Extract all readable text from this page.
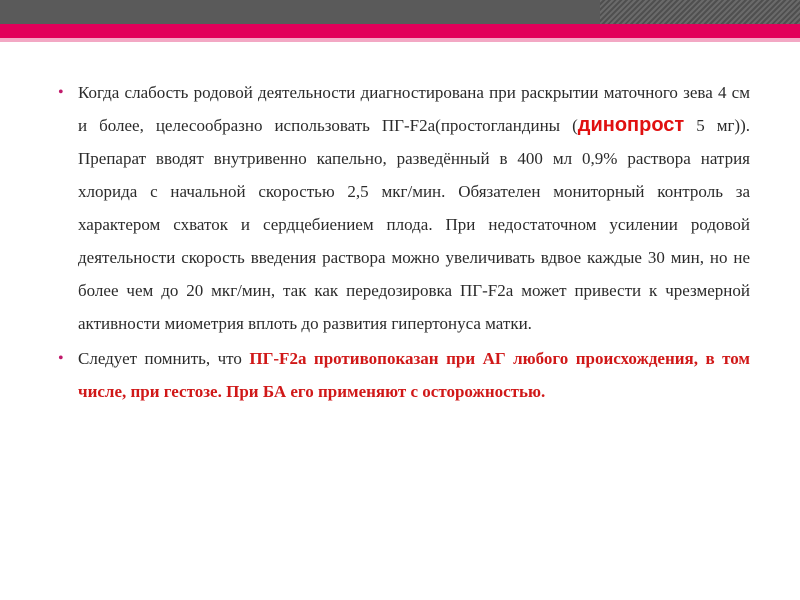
• Когда слабость родовой деятельности диагностирована при раскрытии маточного зева 4 см и более, целесообразно использовать ПГ-F2a(простогландины (динопрост 5 мг)). Препарат вводят внутривенно капельно, разведённый в 400 мл 0,9% раствора натрия хлорида с начальной скоростью 2,5 мкг/мин. Обязателен мониторный контроль за характером схваток и сердцебиением плода. При недостаточном усилении родовой деятельности скорость введения раствора можно увеличивать вдвое каждые 30 мин, но не более чем до 20 мкг/мин, так как передозировка ПГ-F2a может привести к чрезмерной активности миометрия вплоть до развития гипертонуса матки.

• Следует помнить, что ПГ-F2a противопоказан при АГ любого происхождения, в том числе, при гестозе. При БА его применяют с осторожностью.
